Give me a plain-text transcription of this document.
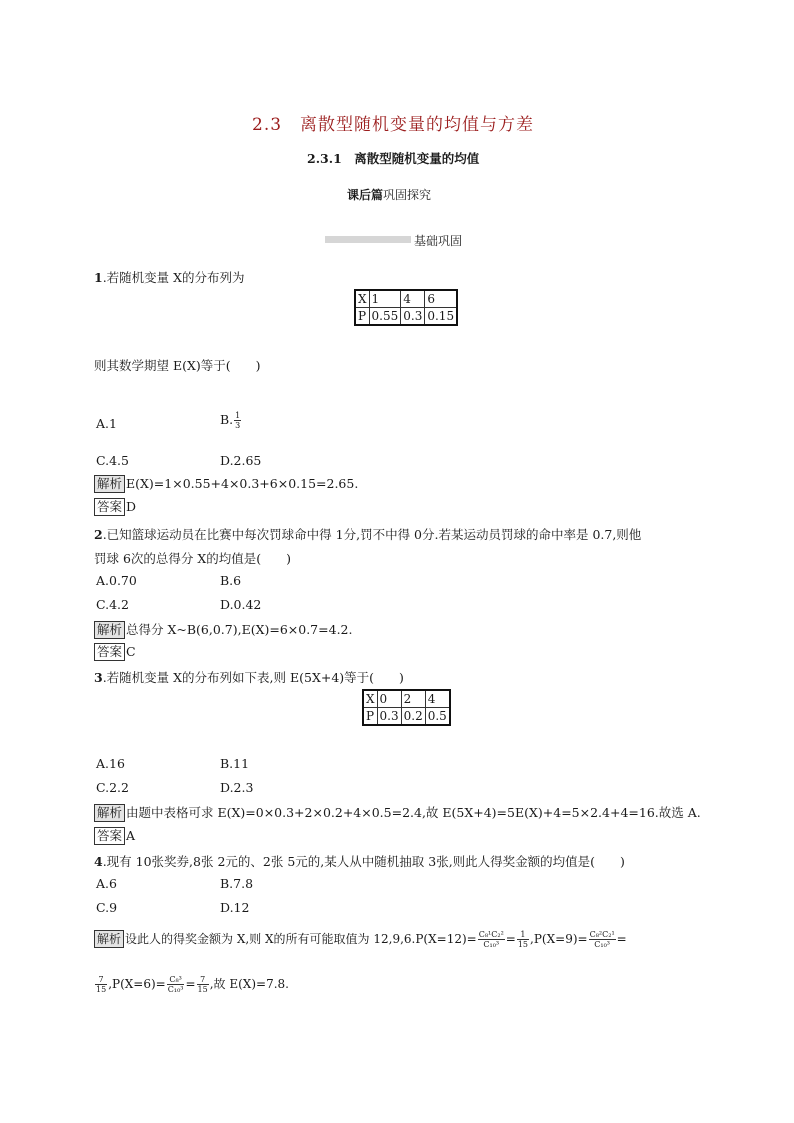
2.3　离散型随机变量的均值与方差
2.3.1　离散型随机变量的均值
课后篇巩固探究
基础巩固
1.若随机变量 X的分布列为
X	1	4	6
P	0.55	0.3	0.15
则其数学期望 E(X)等于(　　)
A.1	B. $\frac{1}{3}$
C.4.5	D.2.65
解析 E(X)=1×0.55+4×0.3+6×0.15=2.65.
答案 D
2.已知篮球运动员在比赛中每次罚球命中得 1分,罚不中得 0分.若某运动员罚球的命中率是 0.7,则他
罚球 6次的总得分 X的均值是(　　)
A.0.70	B.6
C.4.2	D.0.42
解析 总得分 X~B(6,0.7),E(X)=6×0.7=4.2.
答案 C
3.若随机变量 X的分布列如下表,则 E(5X+4)等于(　　)
X	0	2	4
P	0.3	0.2	0.5
A.16	B.11
C.2.2	D.2.3
解析 由题中表格可求 E(X)=0×0.3+2×0.2+4×0.5=2.4,故 E(5X+4)=5E(X)+4=5×2.4+4=16.故选 A.
答案 A
4.现有 10张奖券,8张 2元的、2张 5元的,某人从中随机抽取 3张,则此人得奖金额的均值是(　　)
A.6	B.7.8
C.9	D.12
解析 设此人的得奖金额为 X,则 X的所有可能取值为 $12,9,6.P(X=12)= \frac{\text{C₈¹C₂²}}{\text{C₁₀³}} = \frac{1}{15} ,P(X=9)= \frac{\text{C₈²C₂¹}}{\text{C₁₀³}}$ =
$\frac{7}{15} ,P(X=6)= \frac{\text{C₈³}}{\text{C₁₀³}} = \frac{7}{15}$ ,故 E(X)=7.8.
